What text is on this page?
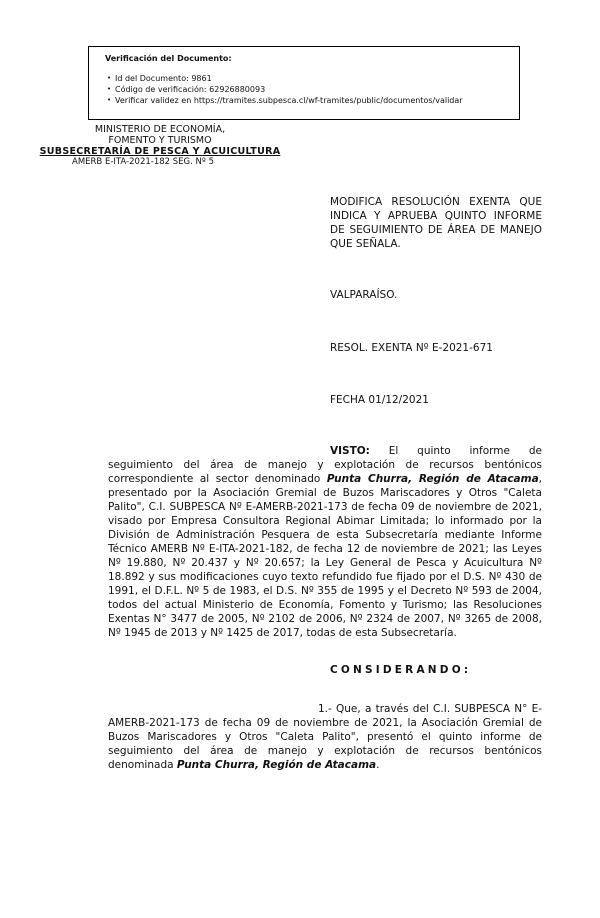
Verificación del Documento:
• Id del Documento: 9861
• Código de verificación: 62926880093
• Verificar validez en https://tramites.subpesca.cl/wf-tramites/public/documentos/validar
MINISTERIO DE ECONOMÍA,
FOMENTO Y TURISMO
SUBSECRETARÍA DE PESCA Y ACUICULTURA
AMERB E-ITA-2021-182 SEG. Nº 5
MODIFICA RESOLUCIÓN EXENTA QUE INDICA Y APRUEBA QUINTO INFORME DE SEGUIMIENTO DE ÁREA DE MANEJO QUE SEÑALA.
VALPARAÍSO.
RESOL. EXENTA Nº E-2021-671
FECHA 01/12/2021
VISTO: El quinto informe de seguimiento del área de manejo y explotación de recursos bentónicos correspondiente al sector denominado Punta Churra, Región de Atacama, presentado por la Asociación Gremial de Buzos Mariscadores y Otros "Caleta Palito", C.I. SUBPESCA Nº E-AMERB-2021-173 de fecha 09 de noviembre de 2021, visado por Empresa Consultora Regional Abimar Limitada; lo informado por la División de Administración Pesquera de esta Subsecretaría mediante Informe Técnico AMERB Nº E-ITA-2021-182, de fecha 12 de noviembre de 2021; las Leyes Nº 19.880, Nº 20.437 y Nº 20.657; la Ley General de Pesca y Acuicultura Nº 18.892 y sus modificaciones cuyo texto refundido fue fijado por el D.S. Nº 430 de 1991, el D.F.L. Nº 5 de 1983, el D.S. Nº 355 de 1995 y el Decreto Nº 593 de 2004, todos del actual Ministerio de Economía, Fomento y Turismo; las Resoluciones Exentas N° 3477 de 2005, Nº 2102 de 2006, Nº 2324 de 2007, Nº 3265 de 2008, Nº 1945 de 2013 y Nº 1425 de 2017, todas de esta Subsecretaría.
CONSIDERANDO:
1.- Que, a través del C.I. SUBPESCA N° E-AMERB-2021-173 de fecha 09 de noviembre de 2021, la Asociación Gremial de Buzos Mariscadores y Otros "Caleta Palito", presentó el quinto informe de seguimiento del área de manejo y explotación de recursos bentónicos denominada Punta Churra, Región de Atacama.
